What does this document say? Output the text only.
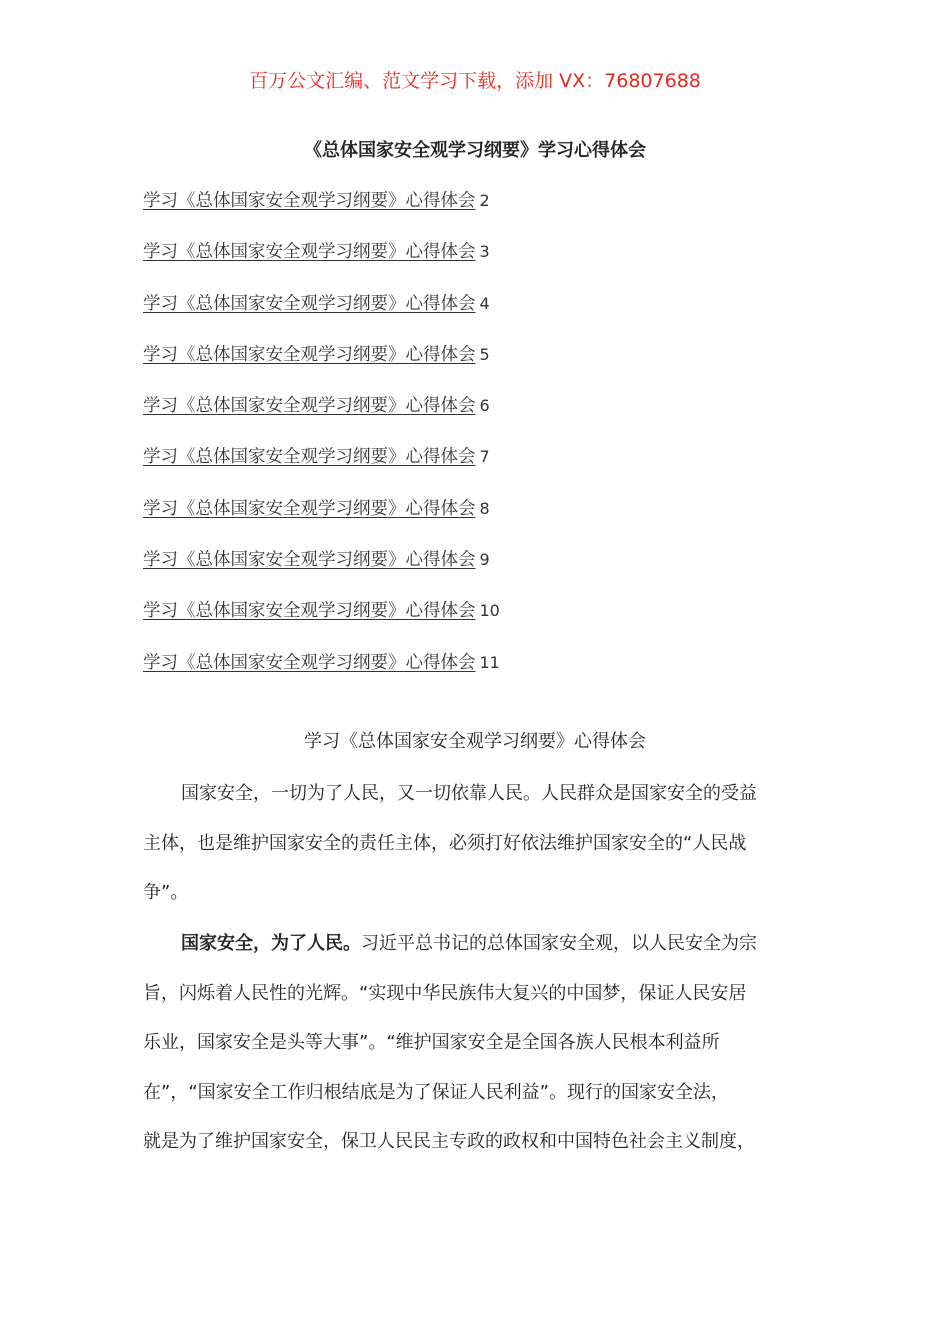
百万公文汇编、范文学习下载，添加 VX：76807688
《总体国家安全观学习纲要》学习心得体会
学习《总体国家安全观学习纲要》心得体会 2
学习《总体国家安全观学习纲要》心得体会 3
学习《总体国家安全观学习纲要》心得体会 4
学习《总体国家安全观学习纲要》心得体会 5
学习《总体国家安全观学习纲要》心得体会 6
学习《总体国家安全观学习纲要》心得体会 7
学习《总体国家安全观学习纲要》心得体会 8
学习《总体国家安全观学习纲要》心得体会 9
学习《总体国家安全观学习纲要》心得体会 10
学习《总体国家安全观学习纲要》心得体会 11
学习《总体国家安全观学习纲要》心得体会

国家安全，一切为了人民，又一切依靠人民。人民群众是国家安全的受益
主体，也是维护国家安全的责任主体，必须打好依法维护国家安全的“人民战
争”。

国家安全，为了人民。习近平总书记的总体国家安全观，以人民安全为宗
旨，闪烁着人民性的光辉。“实现中华民族伟大复兴的中国梦，保证人民安居
乐业，国家安全是头等大事”。“维护国家安全是全国各族人民根本利益所
在”，“国家安全工作归根结底是为了保证人民利益”。现行的国家安全法，
就是为了维护国家安全，保卫人民民主专政的政权和中国特色社会主义制度，
